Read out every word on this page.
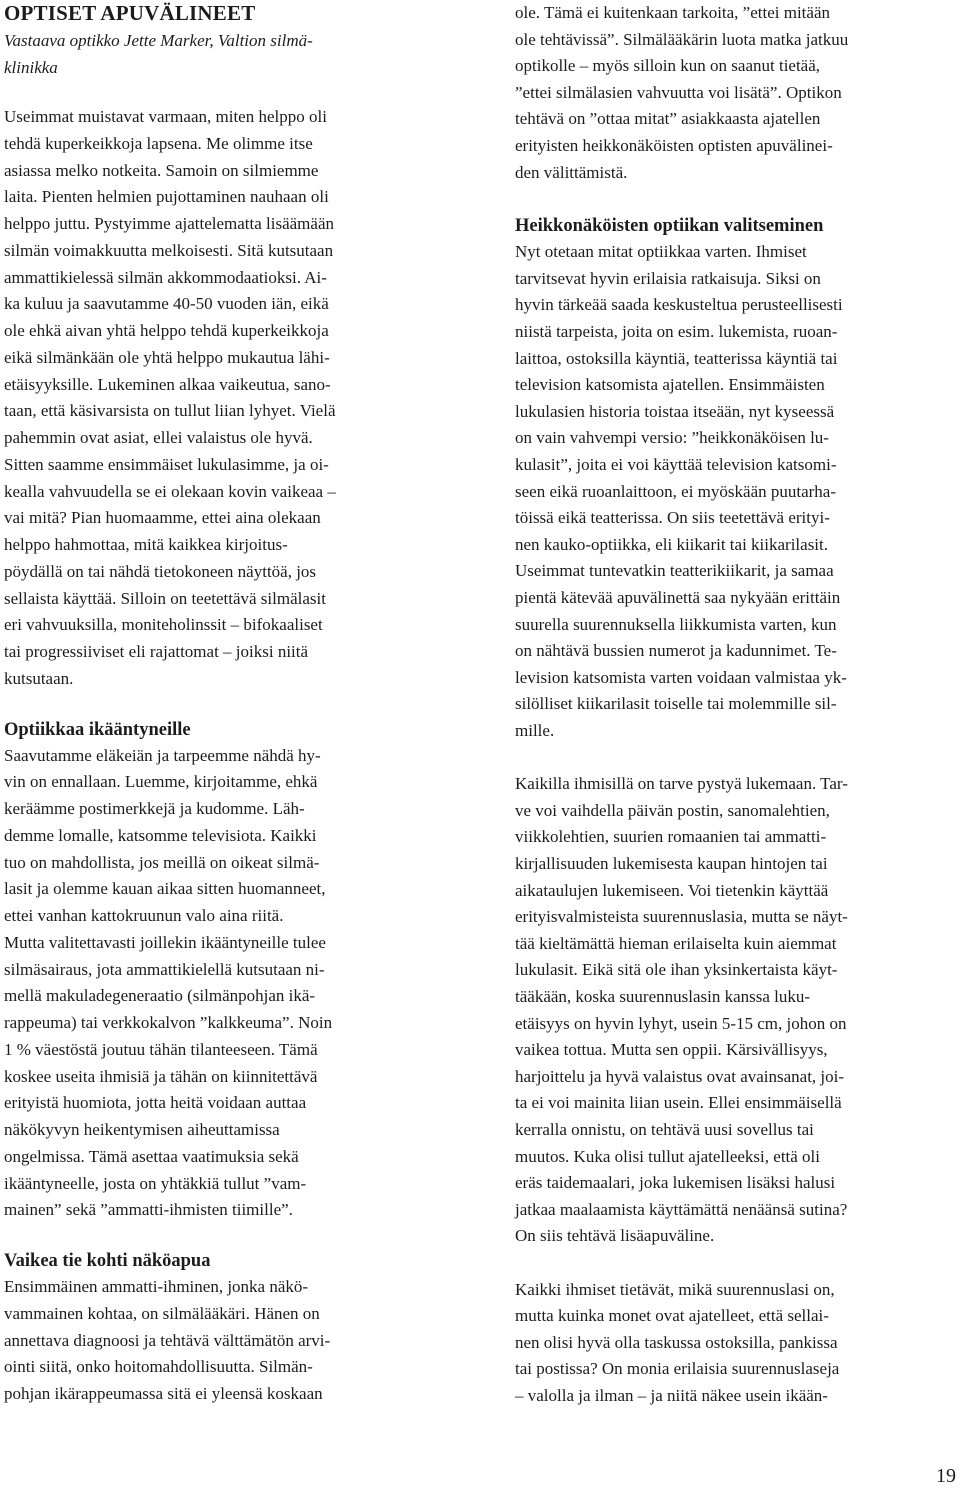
OPTISET APUVÄLINEET
Vastaava optikko Jette Marker, Valtion silmä-
klinikka
Useimmat muistavat varmaan, miten helppo oli
tehdä kuperkeikkoja lapsena. Me olimme itse
asiassa melko notkeita. Samoin on silmiemme
laita. Pienten helmien pujottaminen nauhaan oli
helppo juttu. Pystyimme ajattelematta lisäämään
silmän voimakkuutta melkoisesti. Sitä kutsutaan
ammattikielessä silmän akkommodaatioksi. Ai-
ka kuluu ja saavutamme 40-50 vuoden iän, eikä
ole ehkä aivan yhtä helppo tehdä kuperkeikkoja
eikä silmänkään ole yhtä helppo mukautua lähi-
etäisyyksille. Lukeminen alkaa vaikeutua, sano-
taan, että käsivarsista on tullut liian lyhyet. Vielä
pahemmin ovat asiat, ellei valaistus ole hyvä.
Sitten saamme ensimmäiset lukulasimme, ja oi-
kealla vahvuudella se ei olekaan kovin vaikeaa –
vai mitä? Pian huomaamme, ettei aina olekaan
helppo hahmottaa, mitä kaikkea kirjoitus-
pöydällä on tai nähdä tietokoneen näyttöä, jos
sellaista käyttää. Silloin on teetettävä silmälasit
eri vahvuuksilla, moniteholinssit – bifokaaliset
tai progressiiviset eli rajattomat – joiksi niitä
kutsutaan.
Optiikkaa ikääntyneille
Saavutamme eläkeiän ja tarpeemme nähdä hy-
vin on ennallaan. Luemme, kirjoitamme, ehkä
keräämme postimerkkejä ja kudomme. Läh-
demme lomalle, katsomme televisiota. Kaikki
tuo on mahdollista, jos meillä on oikeat silmä-
lasit ja olemme kauan aikaa sitten huomanneet,
ettei vanhan kattokruunun valo aina riitä.
Mutta valitettavasti joillekin ikääntyneille tulee
silmäsairaus, jota ammattikielellä kutsutaan ni-
mellä makuladegeneraatio (silmänpohjan ikä-
rappeuma) tai verkkokalvon ”kalkkeuma”. Noin
1 % väestöstä joutuu tähän tilanteeseen. Tämä
koskee useita ihmisiä ja tähän on kiinnitettävä
erityistä huomiota, jotta heitä voidaan auttaa
näkökyvyn heikentymisen aiheuttamissa
ongelmissa. Tämä asettaa vaatimuksia sekä
ikääntyneelle, josta on yhtäkkiä tullut ”vam-
mainen” sekä ”ammatti-ihmisten tiimille”.
Vaikea tie kohti näköapua
Ensimmäinen ammatti-ihminen, jonka näkö-
vammainen kohtaa, on silmälääkäri. Hänen on
annettava diagnoosi ja tehtävä välttämätön arvi-
ointi siitä, onko hoitomahdollisuutta. Silmän-
pohjan ikärappeumassa sitä ei yleensä koskaan
ole. Tämä ei kuitenkaan tarkoita, ”ettei mitään
ole tehtävissä”. Silmälääkärin luota matka jatkuu
optikolle – myös silloin kun on saanut tietää,
”ettei silmälasien vahvuutta voi lisätä”. Optikon
tehtävä on ”ottaa mitat” asiakkaasta ajatellen
erityisten heikkonäköisten optisten apuvälinei-
den välittämistä.
Heikkonäköisten optiikan valitseminen
Nyt otetaan mitat optiikkaa varten. Ihmiset
tarvitsevat hyvin erilaisia ratkaisuja. Siksi on
hyvin tärkeää saada keskusteltua perusteellisesti
niistä tarpeista, joita on esim. lukemista, ruoan-
laittoa, ostoksilla käyntiä, teatterissa käyntiä tai
television katsomista ajatellen. Ensimmäisten
lukulasien historia toistaa itseään, nyt kyseessä
on vain vahvempi versio: ”heikkonäköisen lu-
kulasit”, joita ei voi käyttää television katsomi-
seen eikä ruoanlaittoon, ei myöskään puutarha-
töissä eikä teatterissa. On siis teetettävä erityi-
nen kauko-optiikka, eli kiikarit tai kiikarilasit.
Useimmat tuntevatkin teatterikiikarit, ja samaa
pientä kätevää apuvälinettä saa nykyään erittäin
suurella suurennuksella liikkumista varten, kun
on nähtävä bussien numerot ja kadunnimet. Te-
levision katsomista varten voidaan valmistaa yk-
silölliset kiikarilasit toiselle tai molemmille sil-
mille.
Kaikilla ihmisillä on tarve pystyä lukemaan. Tar-
ve voi vaihdella päivän postin, sanomalehtien,
viikkolehtien, suurien romaanien tai ammatti-
kirjallisuuden lukemisesta kaupan hintojen tai
aikataulujen lukemiseen. Voi tietenkin käyttää
erityisvalmisteista suurennuslasia, mutta se näyt-
tää kieltämättä hieman erilaiselta kuin aiemmat
lukulasit. Eikä sitä ole ihan yksinkertaista käyt-
tääkään, koska suurennuslasin kanssa luku-
etäisyys on hyvin lyhyt, usein 5-15 cm, johon on
vaikea tottua. Mutta sen oppii. Kärsivällisyys,
harjoittelu ja hyvä valaistus ovat avainsanat, joi-
ta ei voi mainita liian usein. Ellei ensimmäisellä
kerralla onnistu, on tehtävä uusi sovellus tai
muutos. Kuka olisi tullut ajatelleeksi, että oli
eräs taidemaalari, joka lukemisen lisäksi halusi
jatkaa maalaamista käyttämättä nenäänsä sutina?
On siis tehtävä lisäapuväline.
Kaikki ihmiset tietävät, mikä suurennuslasi on,
mutta kuinka monet ovat ajatelleet, että sellai-
nen olisi hyvä olla taskussa ostoksilla, pankissa
tai postissa? On monia erilaisia suurennuslaseja
– valolla ja ilman – ja niitä näkee usein ikään-
19
